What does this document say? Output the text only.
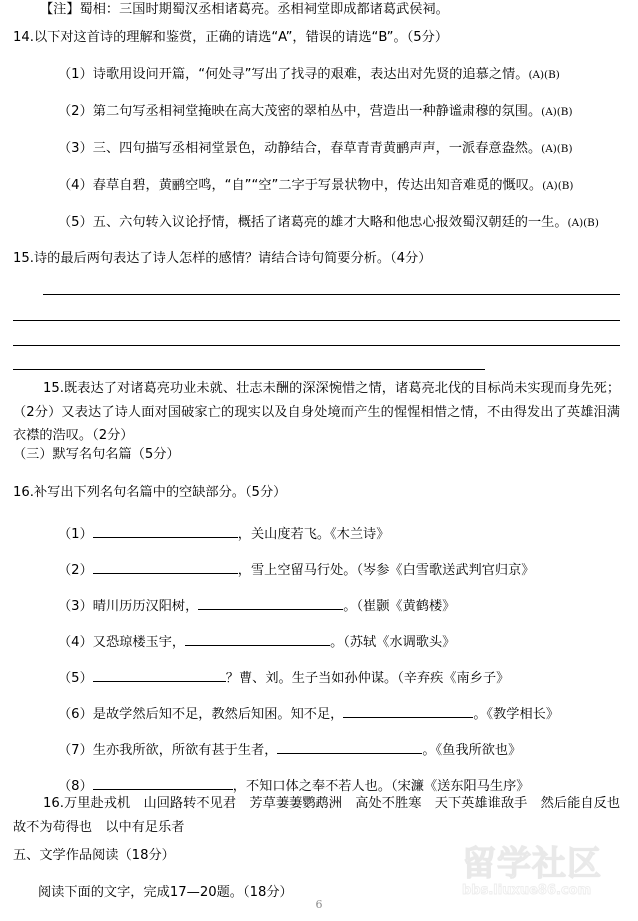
【注】蜀相：三国时期蜀汉丞相诸葛亮。丞相祠堂即成都诸葛武侯祠。
14.以下对这首诗的理解和鉴赏，正确的请选“A”，错误的请选“B”。（5分）
（1）诗歌用设问开篇，“何处寻”写出了找寻的艰难，表达出对先贤的追慕之情。(A)(B)
（2）第二句写丞相祠堂掩映在高大茂密的翠柏丛中，营造出一种静谧肃穆的氛围。(A)(B)
（3）三、四句描写丞相祠堂景色，动静结合，春草青青黄鹂声声，一派春意盎然。(A)(B)
（4）春草自碧，黄鹂空鸣，“自”“空”二字于写景状物中，传达出知音难觅的慨叹。(A)(B)
（5）五、六句转入议论抒情，概括了诸葛亮的雄才大略和他忠心报效蜀汉朝廷的一生。(A)(B)
15.诗的最后两句表达了诗人怎样的感情？请结合诗句简要分析。（4分）
15.既表达了对诸葛亮功业未就、壮志未酬的深深惋惜之情，诸葛亮北伐的目标尚未实现而身先死；（2分）又表达了诗人面对国破家亡的现实以及自身处境而产生的惺惺相惜之情，不由得发出了英雄泪满衣襟的浩叹。（2分）
（三）默写名句名篇（5分）
16.补写出下列名句名篇中的空缺部分。（5分）
（1）	，关山度若飞。《木兰诗》
（2）	，雪上空留马行处。（岑参《白雪歌送武判官归京》
（3）晴川历历汉阳树，	。（崔颢《黄鹤楼》
（4）又恐琼楼玉宇，	。（苏轼《水调歌头》
（5）	？曹、刘。生子当如孙仲谋。（辛弃疾《南乡子》
（6）是故学然后知不足，教然后知困。知不足，	。《教学相长》
（7）生亦我所欲，所欲有甚于生者，	。《鱼我所欲也》
（8）	，不知口体之奉不若人也。（宋濂《送东阳马生序》
16.万里赴戎机　山回路转不见君　芳草萋萋鹦鹉洲　高处不胜寒　天下英雄谁敌手　然后能自反也　故不为苟得也　以中有足乐者
五、文学作品阅读（18分）
阅读下面的文字，完成17—20题。（18分）
6
留学社区
bbs.liuxue86.com
